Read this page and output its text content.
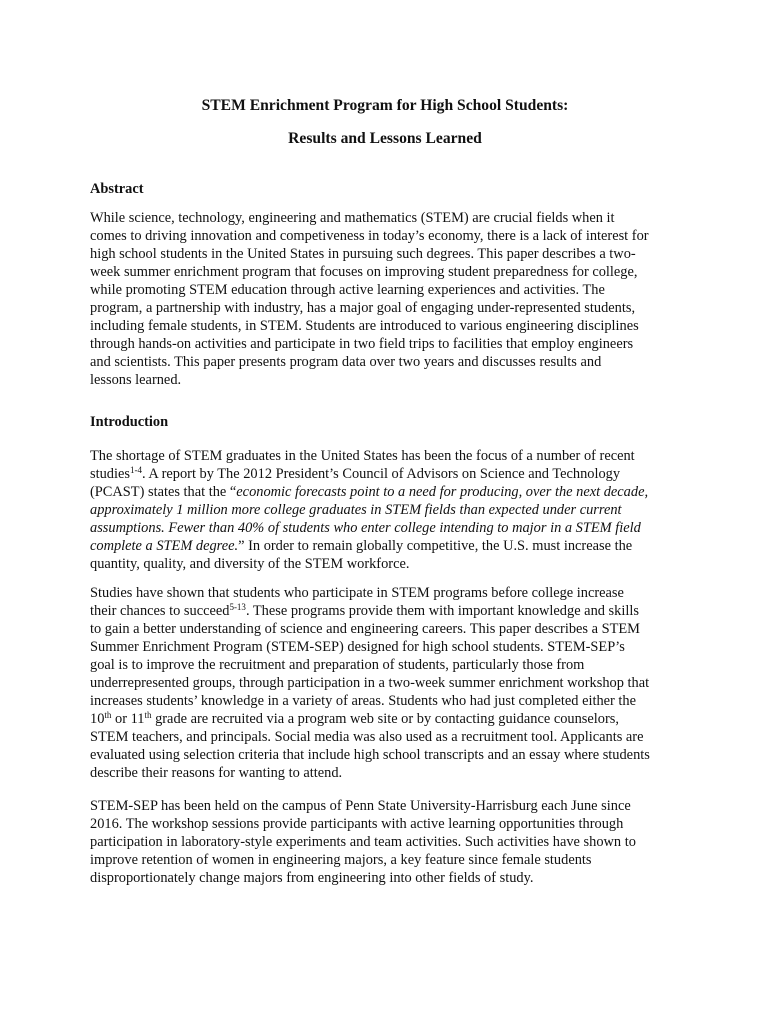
STEM Enrichment Program for High School Students:
Results and Lessons Learned
Abstract
While science, technology, engineering and mathematics (STEM) are crucial fields when it
comes to driving innovation and competiveness in today’s economy, there is a lack of interest for
high school students in the United States in pursuing such degrees. This paper describes a two-
week summer enrichment program that focuses on improving student preparedness for college,
while promoting STEM education through active learning experiences and activities. The
program, a partnership with industry, has a major goal of engaging under-represented students,
including female students, in STEM. Students are introduced to various engineering disciplines
through hands-on activities and participate in two field trips to facilities that employ engineers
and scientists. This paper presents program data over two years and discusses results and
lessons learned.
Introduction
The shortage of STEM graduates in the United States has been the focus of a number of recent
studies$^{1-4}$. A report by The 2012 President’s Council of Advisors on Science and Technology
(PCAST) states that the “economic forecasts point to a need for producing, over the next decade,
approximately 1 million more college graduates in STEM fields than expected under current
assumptions. Fewer than 40% of students who enter college intending to major in a STEM field
complete a STEM degree.” In order to remain globally competitive, the U.S. must increase the
quantity, quality, and diversity of the STEM workforce.
Studies have shown that students who participate in STEM programs before college increase
their chances to succeed$^{5-13}$. These programs provide them with important knowledge and skills
to gain a better understanding of science and engineering careers. This paper describes a STEM
Summer Enrichment Program (STEM-SEP) designed for high school students. STEM-SEP’s
goal is to improve the recruitment and preparation of students, particularly those from
underrepresented groups, through participation in a two-week summer enrichment workshop that
increases students’ knowledge in a variety of areas. Students who had just completed either the
10th or 11th grade are recruited via a program web site or by contacting guidance counselors,
STEM teachers, and principals. Social media was also used as a recruitment tool. Applicants are
evaluated using selection criteria that include high school transcripts and an essay where students
describe their reasons for wanting to attend.
STEM-SEP has been held on the campus of Penn State University-Harrisburg each June since
2016. The workshop sessions provide participants with active learning opportunities through
participation in laboratory-style experiments and team activities. Such activities have shown to
improve retention of women in engineering majors, a key feature since female students
disproportionately change majors from engineering into other fields of study.
